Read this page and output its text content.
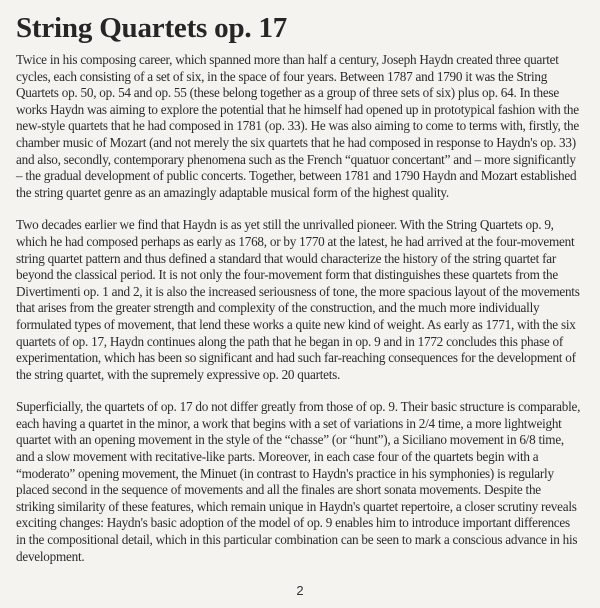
String Quartets op. 17

Twice in his composing career, which spanned more than half a century, Joseph Haydn created three quartet cycles, each consisting of a set of six, in the space of four years. Between 1787 and 1790 it was the String Quartets op. 50, op. 54 and op. 55 (these belong together as a group of three sets of six) plus op. 64. In these works Haydn was aiming to explore the potential that he himself had opened up in prototypical fashion with the new-style quartets that he had composed in 1781 (op. 33). He was also aiming to come to terms with, firstly, the chamber music of Mozart (and not merely the six quartets that he had composed in response to Haydn's op. 33) and also, secondly, contemporary phenomena such as the French “quatuor concertant” and – more significantly – the gradual development of public concerts. Together, between 1781 and 1790 Haydn and Mozart established the string quartet genre as an amazingly adaptable musical form of the highest quality.

Two decades earlier we find that Haydn is as yet still the unrivalled pioneer. With the String Quartets op. 9, which he had composed perhaps as early as 1768, or by 1770 at the latest, he had arrived at the four-movement string quartet pattern and thus defined a standard that would characterize the history of the string quartet far beyond the classical period. It is not only the four-movement form that distinguishes these quartets from the Divertimenti op. 1 and 2, it is also the increased seriousness of tone, the more spacious layout of the movements that arises from the greater strength and complexity of the construction, and the much more individually formulated types of movement, that lend these works a quite new kind of weight. As early as 1771, with the six quartets of op. 17, Haydn continues along the path that he began in op. 9 and in 1772 concludes this phase of experimentation, which has been so significant and had such far-reaching consequences for the development of the string quartet, with the supremely expressive op. 20 quartets.

Superficially, the quartets of op. 17 do not differ greatly from those of op. 9. Their basic structure is comparable, each having a quartet in the minor, a work that begins with a set of variations in 2/4 time, a more lightweight quartet with an opening movement in the style of the “chasse” (or “hunt”), a Siciliano movement in 6/8 time, and a slow movement with recitative-like parts. Moreover, in each case four of the quartets begin with a “moderato” opening movement, the Minuet (in contrast to Haydn's practice in his symphonies) is regularly placed second in the sequence of movements and all the finales are short sonata movements. Despite the striking similarity of these features, which remain unique in Haydn's quartet repertoire, a closer scrutiny reveals exciting changes: Haydn's basic adoption of the model of op. 9 enables him to introduce important differences in the compositional detail, which in this particular combination can be seen to mark a conscious advance in his development.

2
